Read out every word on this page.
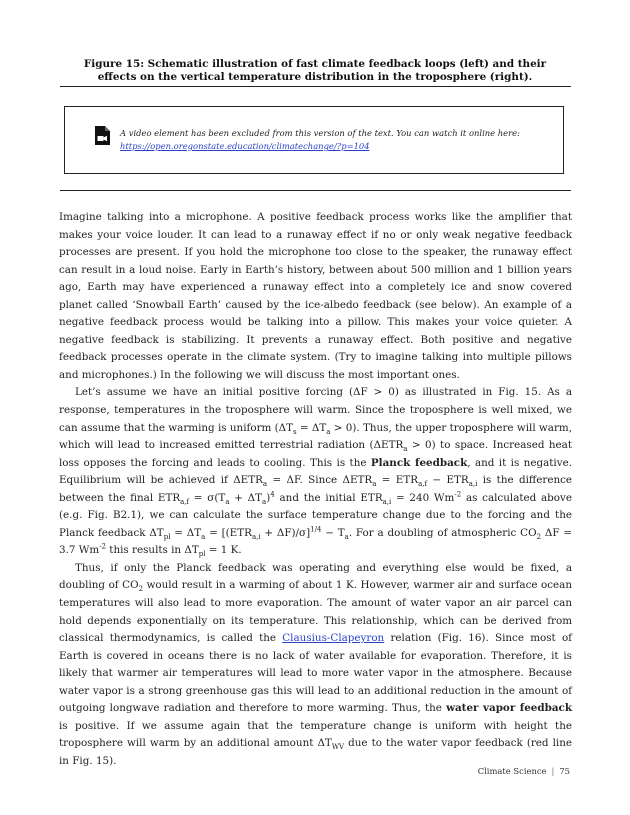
Figure 15: Schematic illustration of fast climate feedback loops (left) and their effects on the vertical temperature distribution in the troposphere (right).
A video element has been excluded from this version of the text. You can watch it online here:
https://open.oregonstate.education/climatechange/?p=104

Imagine talking into a microphone. A positive feedback process works like the amplifier that makes your voice louder. It can lead to a runaway effect if no or only weak negative feedback processes are present. If you hold the microphone too close to the speaker, the runaway effect can result in a loud noise. Early in Earth’s history, between about 500 million and 1 billion years ago, Earth may have experienced a runaway effect into a completely ice and snow covered planet called ‘Snowball Earth’ caused by the ice-albedo feedback (see below). An example of a negative feedback process would be talking into a pillow. This makes your voice quieter. A negative feedback is stabilizing. It prevents a runaway effect. Both positive and negative feedback processes operate in the climate system. (Try to imagine talking into multiple pillows and microphones.) In the following we will discuss the most important ones.

Let’s assume we have an initial positive forcing (ΔF > 0) as illustrated in Fig. 15. As a response, temperatures in the troposphere will warm. Since the troposphere is well mixed, we can assume that the warming is uniform $(\Delta T_s = \Delta T_a > 0)$. Thus, the upper troposphere will warm, which will lead to increased emitted terrestrial radiation $(\Delta ETR_a > 0)$ to space. Increased heat loss opposes the forcing and leads to cooling. This is the Planck feedback, and it is negative. Equilibrium will be achieved if $\Delta ETR_a = \Delta F$. Since $\Delta ETR_a = ETR_{a,f} - ETR_{a,i}$ is the difference between the final $ETR_{a,f} = \sigma(T_a + \Delta T_a)^4$ and the initial $ETR_{a,i} = 240$ $Wm^{-2}$ as calculated above (e.g. Fig. B2.1), we can calculate the surface temperature change due to the forcing and the Planck feedback $\Delta T_{pl} = \Delta T_a = [(ETR_{a,i} + \Delta F)/\sigma]^{1/4} - T_a$. For a doubling of atmospheric $CO_2$ ΔF = 3.7 $Wm^{-2}$ this results in $\Delta T_{pl} = 1$ K.

Thus, if only the Planck feedback was operating and everything else would be fixed, a doubling of $CO_2$ would result in a warming of about 1 K. However, warmer air and surface ocean temperatures will also lead to more evaporation. The amount of water vapor an air parcel can hold depends exponentially on its temperature. This relationship, which can be derived from classical thermodynamics, is called the Clausius-Clapeyron relation (Fig. 16). Since most of Earth is covered in oceans there is no lack of water available for evaporation. Therefore, it is likely that warmer air temperatures will lead to more water vapor in the atmosphere. Because water vapor is a strong greenhouse gas this will lead to an additional reduction in the amount of outgoing longwave radiation and therefore to more warming. Thus, the water vapor feedback is positive. If we assume again that the temperature change is uniform with height the troposphere will warm by an additional amount $\Delta T_{WV}$ due to the water vapor feedback (red line in Fig. 15).

Climate Science | 75
